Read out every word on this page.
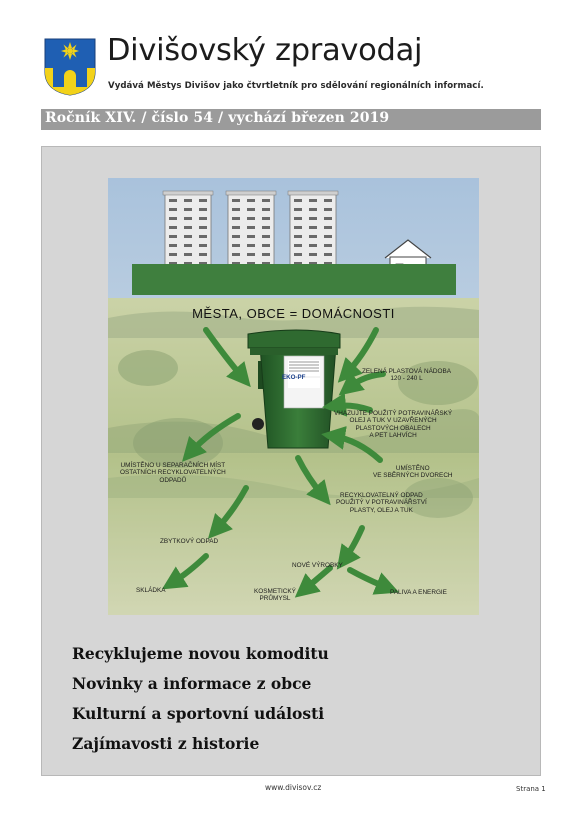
Divišovský zpravodaj
Vydává Městys Divišov jako čtvrtletník pro sdělování regionálních informací.
Ročník XIV. / číslo 54 / vychází březen 2019
MĚSTA, OBCE = DOMÁCNOSTI
EKO-PF
ZELENÁ PLASTOVÁ NÁDOBA
120 - 240 L
VHAZUJTE POUŽITÝ POTRAVINÁŘSKÝ
OLEJ A TUK V UZAVŘENÝCH
PLASTOVÝCH OBALECH
A PET LAHVÍCH
UMÍSTĚNO
VE SBĚRNÝCH DVORECH
UMÍSTĚNO U SEPARAČNÍCH MÍST
OSTATNÍCH RECYKLOVATELNÝCH
ODPADŮ
RECYKLOVATELNÝ ODPAD
POUŽITÝ V POTRAVINÁŘSTVÍ
PLASTY, OLEJ A TUK
ZBYTKOVÝ ODPAD
NOVÉ VÝROBKY
SKLÁDKA	KOSMETICKÝ
PRŮMYSL
PALIVA A ENERGIE
Recyklujeme novou komoditu
Novinky a informace z obce
Kulturní a sportovní události
Zajímavosti z historie
www.divisov.cz	Strana 1
